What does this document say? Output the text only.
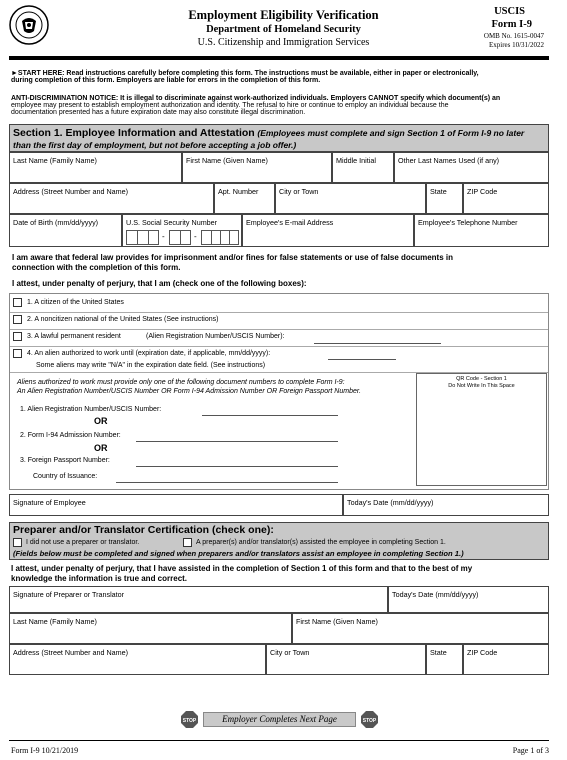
Employment Eligibility Verification
Department of Homeland Security
U.S. Citizenship and Immigration Services
USCIS
Form I-9
OMB No. 1615-0047
Expires 10/31/2022
►START HERE: Read instructions carefully before completing this form. The instructions must be available, either in paper or electronically,
during completion of this form. Employers are liable for errors in the completion of this form.
ANTI-DISCRIMINATION NOTICE: It is illegal to discriminate against work-authorized individuals. Employers CANNOT specify which document(s) an
employee may present to establish employment authorization and identity. The refusal to hire or continue to employ an individual because the
documentation presented has a future expiration date may also constitute illegal discrimination.
Section 1. Employee Information and Attestation (Employees must complete and sign Section 1 of Form I-9 no later
than the first day of employment, but not before accepting a job offer.)
Last Name (Family Name)	First Name (Given Name)	Middle Initial	Other Last Names Used (if any)
Address (Street Number and Name)	Apt. Number	City or Town	State	ZIP Code
Date of Birth (mm/dd/yyyy)	U.S. Social Security Number
-	-
Employee's E-mail Address	Employee's Telephone Number
I am aware that federal law provides for imprisonment and/or fines for false statements or use of false documents in
connection with the completion of this form.
I attest, under penalty of perjury, that I am (check one of the following boxes):
1. A citizen of the United States
2. A noncitizen national of the United States (See instructions)
3. A lawful permanent resident	(Alien Registration Number/USCIS Number):
4. An alien authorized to work until (expiration date, if applicable, mm/dd/yyyy):
Some aliens may write "N/A" in the expiration date field. (See instructions)
Aliens authorized to work must provide only one of the following document numbers to complete Form I-9:
An Alien Registration Number/USCIS Number OR Form I-94 Admission Number OR Foreign Passport Number.
QR Code - Section 1
Do Not Write In This Space
1. Alien Registration Number/USCIS Number:
OR
2. Form I-94 Admission Number:
OR
3. Foreign Passport Number:
Country of Issuance:
Signature of Employee	Today's Date (mm/dd/yyyy)
Preparer and/or Translator Certification (check one):
I did not use a preparer or translator.	A preparer(s) and/or translator(s) assisted the employee in completing Section 1.
(Fields below must be completed and signed when preparers and/or translators assist an employee in completing Section 1.)
I attest, under penalty of perjury, that I have assisted in the completion of Section 1 of this form and that to the best of my
knowledge the information is true and correct.
Signature of Preparer or Translator	Today's Date (mm/dd/yyyy)
Last Name (Family Name)	First Name (Given Name)
Address (Street Number and Name)	City or Town	State	ZIP Code
STOP	Employer Completes Next Page	STOP
Form I-9 10/21/2019	Page 1 of 3
